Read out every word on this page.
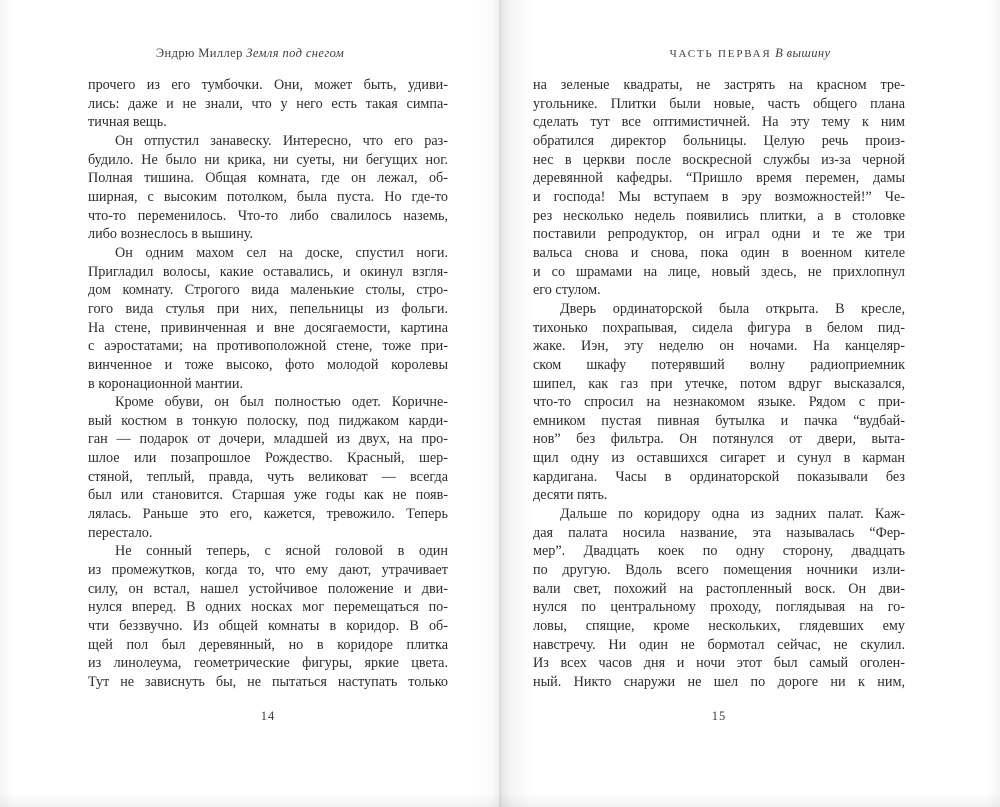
Эндрю Миллер Земля под снегом
прочего из его тумбочки. Они, может быть, удиви-
лись: даже и не знали, что у него есть такая симпа-
тичная вещь.
Он отпустил занавеску. Интересно, что его раз-
будило. Не было ни крика, ни суеты, ни бегущих ног.
Полная тишина. Общая комната, где он лежал, об-
ширная, с высоким потолком, была пуста. Но где-то
что-то переменилось. Что-то либо свалилось наземь,
либо вознеслось в вышину.
Он одним махом сел на доске, спустил ноги.
Пригладил волосы, какие оставались, и окинул взгля-
дом комнату. Строгого вида маленькие столы, стро-
гого вида стулья при них, пепельницы из фольги.
На стене, привинченная и вне досягаемости, картина
с аэростатами; на противоположной стене, тоже при-
винченное и тоже высоко, фото молодой королевы
в коронационной мантии.
Кроме обуви, он был полностью одет. Коричне-
вый костюм в тонкую полоску, под пиджаком карди-
ган — подарок от дочери, младшей из двух, на про-
шлое или позапрошлое Рождество. Красный, шер-
стяной, теплый, правда, чуть великоват — всегда
был или становится. Старшая уже годы как не появ-
лялась. Раньше это его, кажется, тревожило. Теперь
перестало.
Не сонный теперь, с ясной головой в один
из промежутков, когда то, что ему дают, утрачивает
силу, он встал, нашел устойчивое положение и дви-
нулся вперед. В одних носках мог перемещаться по-
чти беззвучно. Из общей комнаты в коридор. В об-
щей пол был деревянный, но в коридоре плитка
из линолеума, геометрические фигуры, яркие цвета.
Тут не зависнуть бы, не пытаться наступать только
14
ЧАСТЬ ПЕРВАЯ В вышину
на зеленые квадраты, не застрять на красном тре-
угольнике. Плитки были новые, часть общего плана
сделать тут все оптимистичней. На эту тему к ним
обратился директор больницы. Целую речь произ-
нес в церкви после воскресной службы из-за черной
деревянной кафедры. “Пришло время перемен, дамы
и господа! Мы вступаем в эру возможностей!” Че-
рез несколько недель появились плитки, а в столовке
поставили репродуктор, он играл одни и те же три
вальса снова и снова, пока один в военном кителе
и со шрамами на лице, новый здесь, не прихлопнул
его стулом.
Дверь ординаторской была открыта. В кресле,
тихонько похрапывая, сидела фигура в белом пид-
жаке. Иэн, эту неделю он ночами. На канцеляр-
ском шкафу потерявший волну радиоприемник
шипел, как газ при утечке, потом вдруг высказался,
что-то спросил на незнакомом языке. Рядом с при-
емником пустая пивная бутылка и пачка “вудбай-
нов” без фильтра. Он потянулся от двери, выта-
щил одну из оставшихся сигарет и сунул в карман
кардигана. Часы в ординаторской показывали без
десяти пять.
Дальше по коридору одна из задних палат. Каж-
дая палата носила название, эта называлась “Фер-
мер”. Двадцать коек по одну сторону, двадцать
по другую. Вдоль всего помещения ночники изли-
вали свет, похожий на растопленный воск. Он дви-
нулся по центральному проходу, поглядывая на го-
ловы, спящие, кроме нескольких, глядевших ему
навстречу. Ни один не бормотал сейчас, не скулил.
Из всех часов дня и ночи этот был самый оголен-
ный. Никто снаружи не шел по дороге ни к ним,
15
